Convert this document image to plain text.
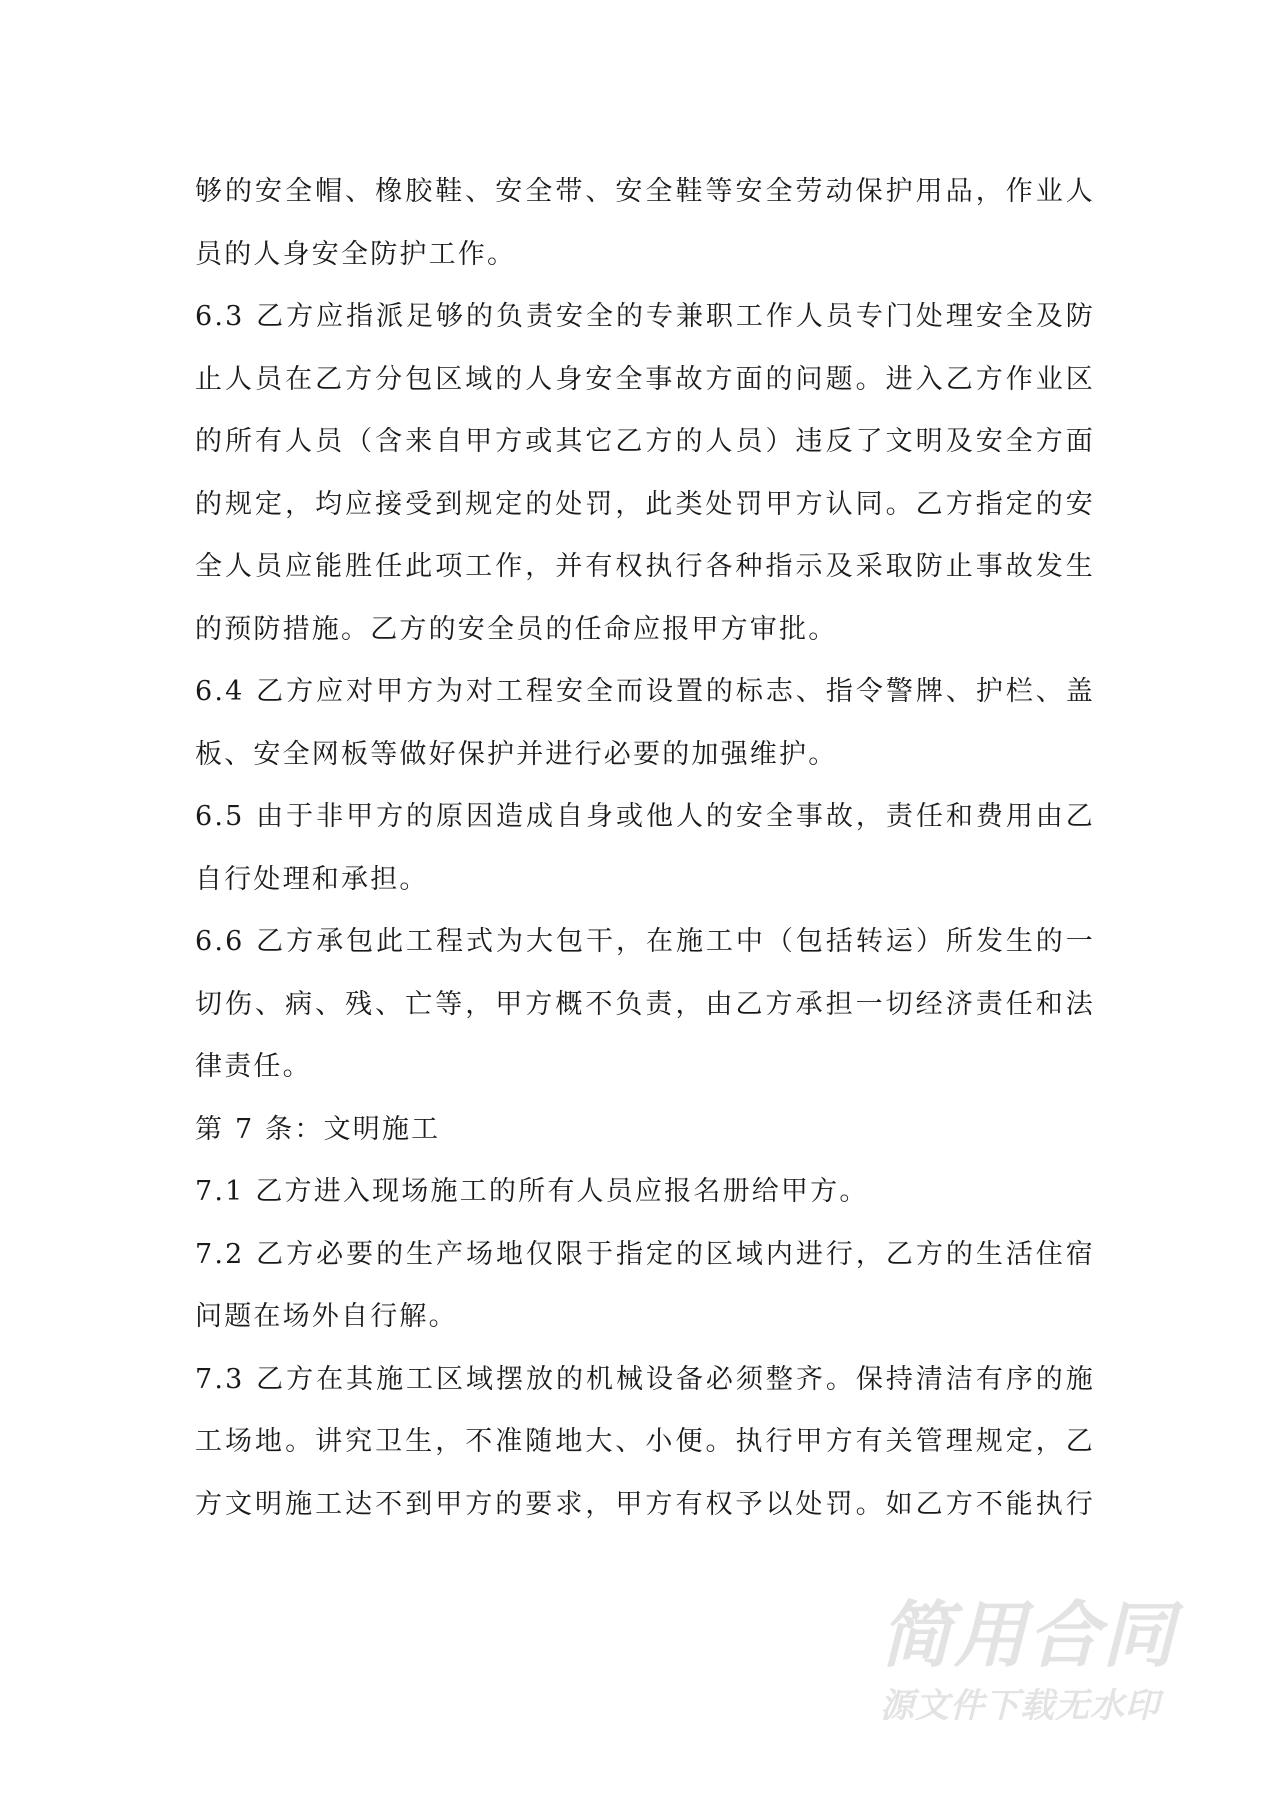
简用合同
源文件下载无水印
够的安全帽、橡胶鞋、安全带、安全鞋等安全劳动保护用品，作业人
员的人身安全防护工作。
6.3 乙方应指派足够的负责安全的专兼职工作人员专门处理安全及防
止人员在乙方分包区域的人身安全事故方面的问题。进入乙方作业区
的所有人员（含来自甲方或其它乙方的人员）违反了文明及安全方面
的规定，均应接受到规定的处罚，此类处罚甲方认同。乙方指定的安
全人员应能胜任此项工作，并有权执行各种指示及采取防止事故发生
的预防措施。乙方的安全员的任命应报甲方审批。
6.4 乙方应对甲方为对工程安全而设置的标志、指令警牌、护栏、盖
板、安全网板等做好保护并进行必要的加强维护。
6.5 由于非甲方的原因造成自身或他人的安全事故，责任和费用由乙
自行处理和承担。
6.6 乙方承包此工程式为大包干，在施工中（包括转运）所发生的一
切伤、病、残、亡等，甲方概不负责，由乙方承担一切经济责任和法
律责任。
第 7 条：文明施工
7.1 乙方进入现场施工的所有人员应报名册给甲方。
7.2 乙方必要的生产场地仅限于指定的区域内进行，乙方的生活住宿
问题在场外自行解。
7.3 乙方在其施工区域摆放的机械设备必须整齐。保持清洁有序的施
工场地。讲究卫生，不准随地大、小便。执行甲方有关管理规定，乙
方文明施工达不到甲方的要求，甲方有权予以处罚。如乙方不能执行
